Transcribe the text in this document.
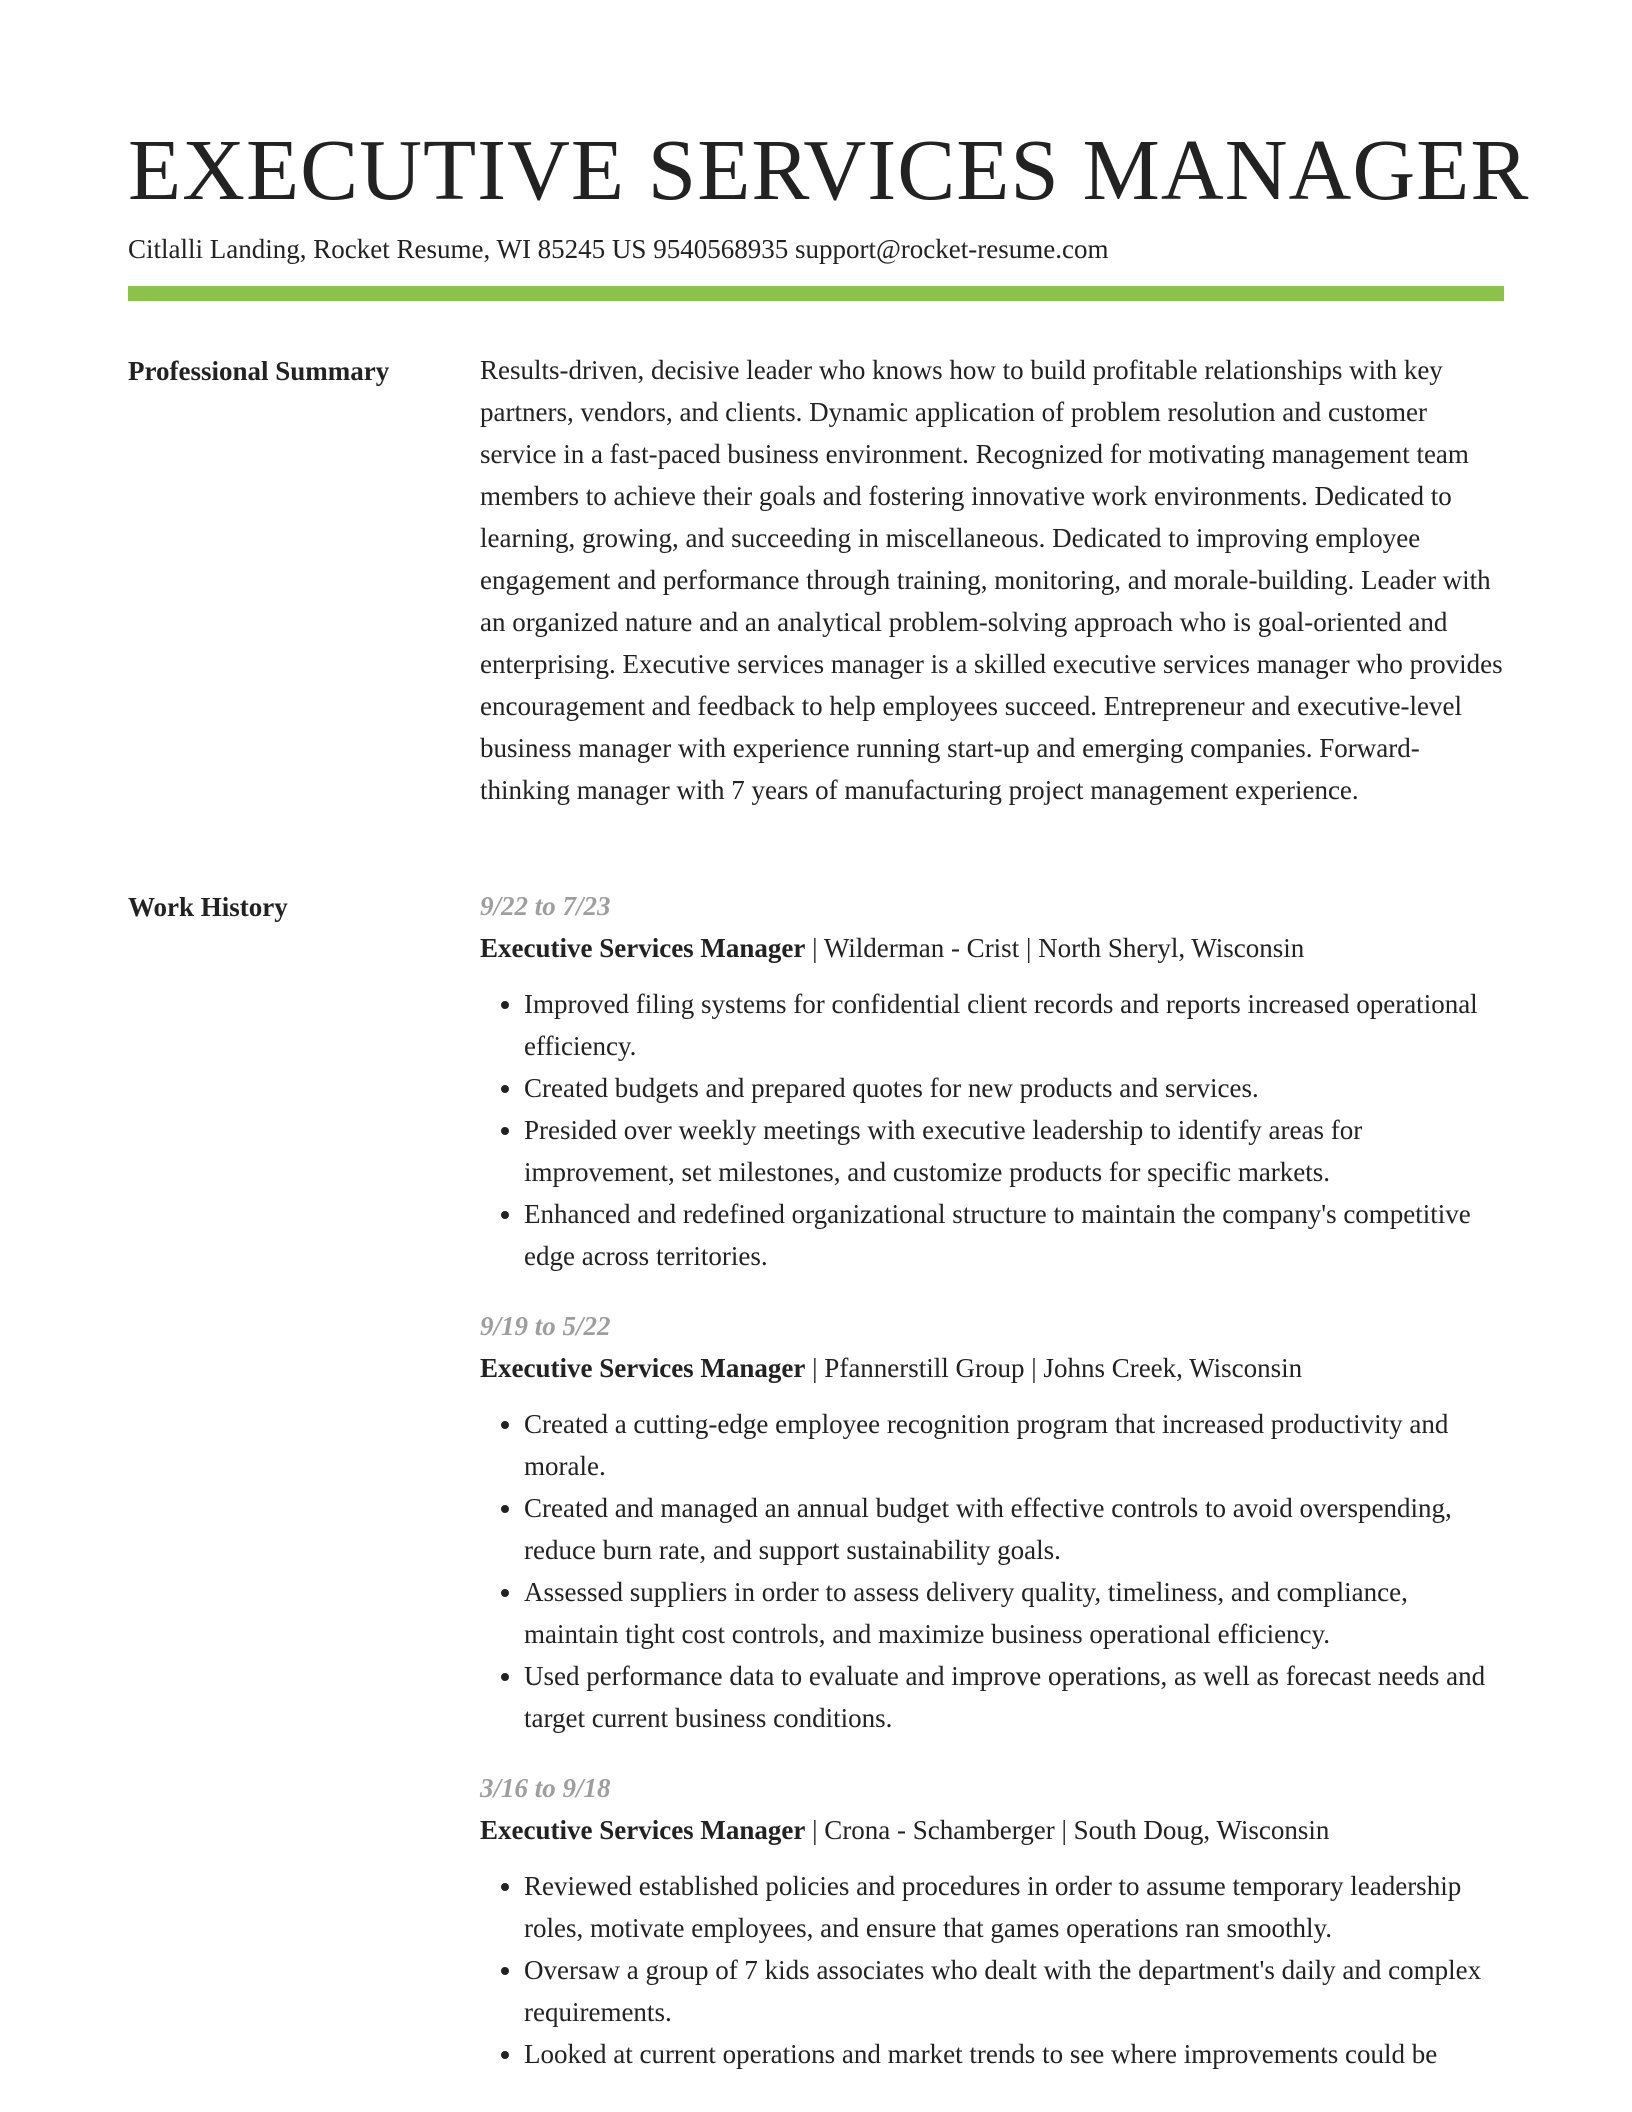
EXECUTIVE SERVICES MANAGER
Citlalli Landing, Rocket Resume, WI 85245 US 9540568935 support@rocket-resume.com
Professional Summary	Results-driven, decisive leader who knows how to build profitable relationships with key partners, vendors, and clients. Dynamic application of problem resolution and customer service in a fast-paced business environment. Recognized for motivating management team members to achieve their goals and fostering innovative work environments. Dedicated to learning, growing, and succeeding in miscellaneous. Dedicated to improving employee engagement and performance through training, monitoring, and morale-building. Leader with an organized nature and an analytical problem-solving approach who is goal-oriented and enterprising. Executive services manager is a skilled executive services manager who provides encouragement and feedback to help employees succeed. Entrepreneur and executive-level business manager with experience running start-up and emerging companies. Forward-thinking manager with 7 years of manufacturing project management experience.

Work History	9/22 to 7/23
Executive Services Manager | Wilderman - Crist | North Sheryl, Wisconsin
• Improved filing systems for confidential client records and reports increased operational efficiency.
• Created budgets and prepared quotes for new products and services.
• Presided over weekly meetings with executive leadership to identify areas for improvement, set milestones, and customize products for specific markets.
• Enhanced and redefined organizational structure to maintain the company's competitive edge across territories.
9/19 to 5/22
Executive Services Manager | Pfannerstill Group | Johns Creek, Wisconsin
• Created a cutting-edge employee recognition program that increased productivity and morale.
• Created and managed an annual budget with effective controls to avoid overspending, reduce burn rate, and support sustainability goals.
• Assessed suppliers in order to assess delivery quality, timeliness, and compliance, maintain tight cost controls, and maximize business operational efficiency.
• Used performance data to evaluate and improve operations, as well as forecast needs and target current business conditions.
3/16 to 9/18
Executive Services Manager | Crona - Schamberger | South Doug, Wisconsin
• Reviewed established policies and procedures in order to assume temporary leadership roles, motivate employees, and ensure that games operations ran smoothly.
• Oversaw a group of 7 kids associates who dealt with the department's daily and complex requirements.
• Looked at current operations and market trends to see where improvements could be
